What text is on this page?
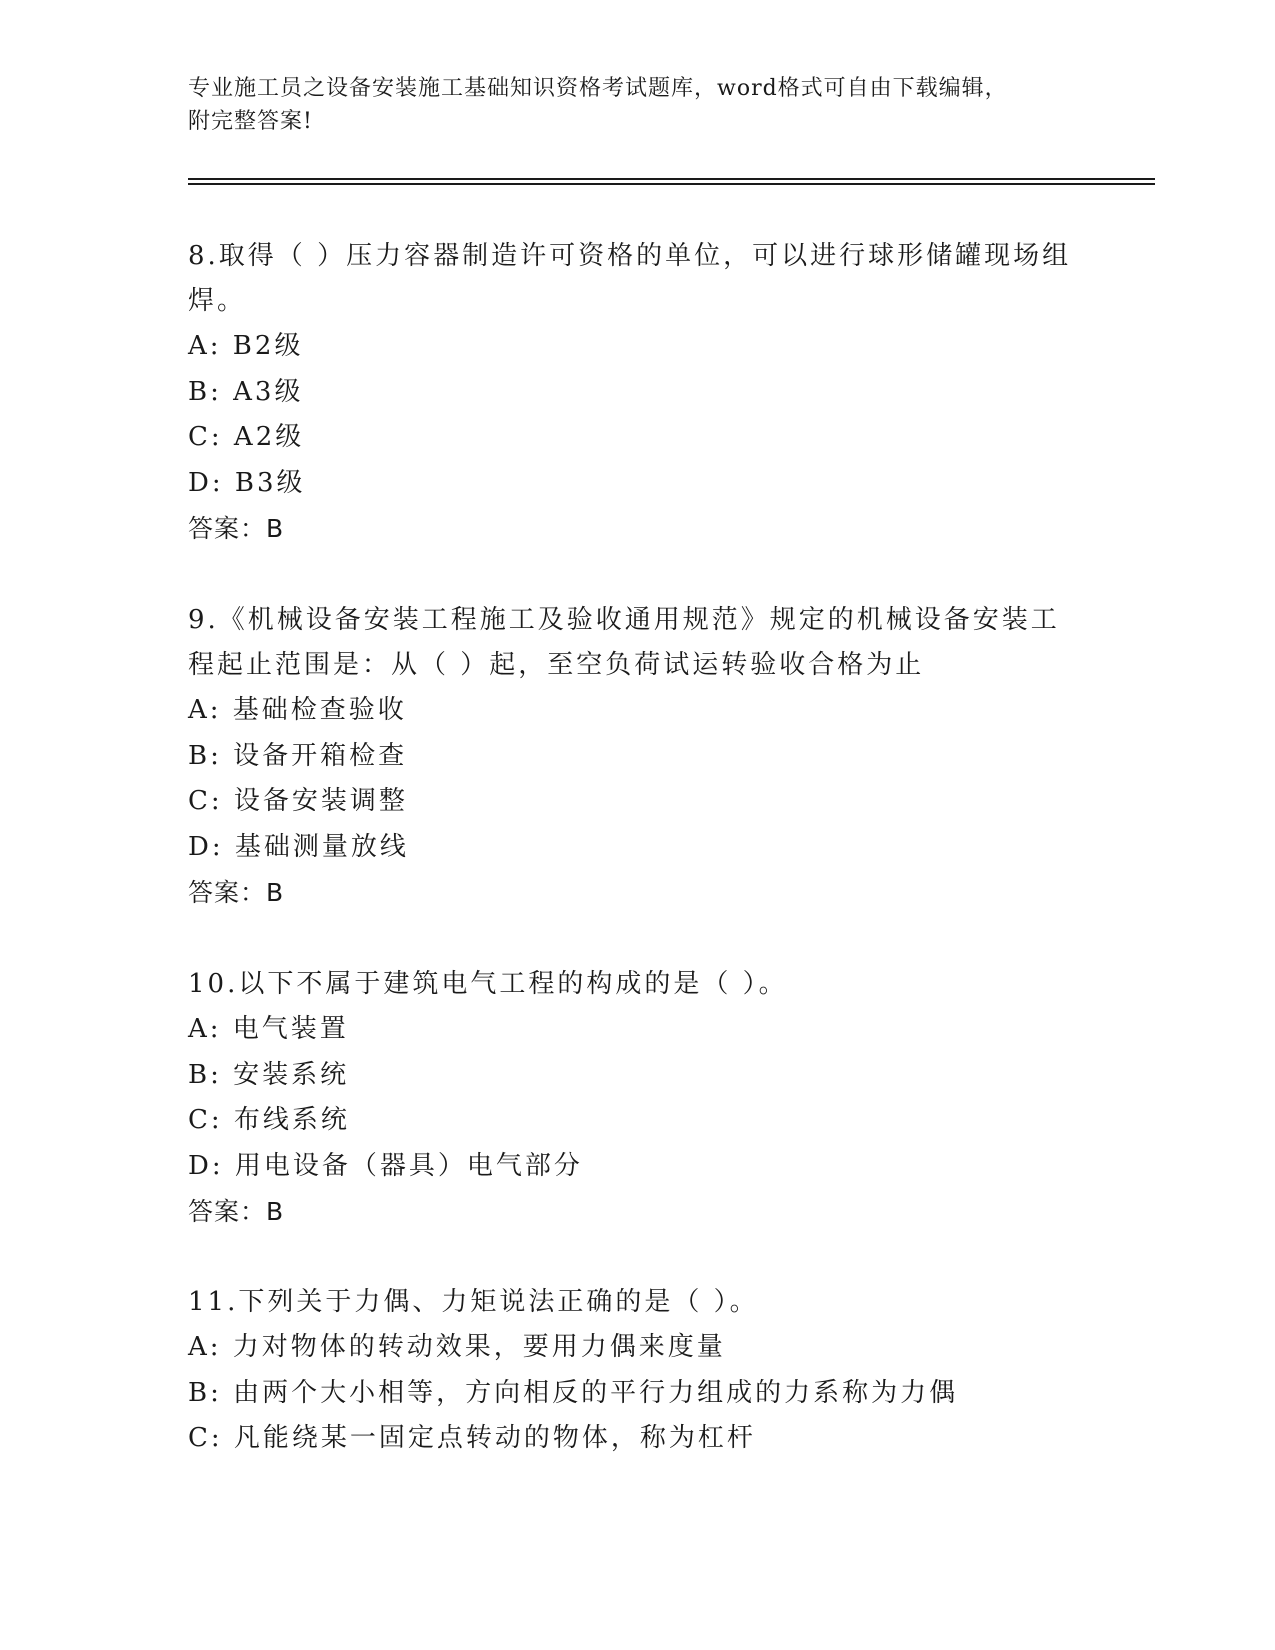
专业施工员之设备安装施工基础知识资格考试题库，word格式可自由下载编辑，
附完整答案!
8.取得（ ）压力容器制造许可资格的单位，可以进行球形储罐现场组
焊。
A: B2级
B: A3级
C: A2级
D: B3级
答案：B
9.《机械设备安装工程施工及验收通用规范》规定的机械设备安装工
程起止范围是：从（ ）起，至空负荷试运转验收合格为止
A: 基础检查验收
B: 设备开箱检查
C: 设备安装调整
D: 基础测量放线
答案：B
10.以下不属于建筑电气工程的构成的是（ ）。
A: 电气装置
B: 安装系统
C: 布线系统
D: 用电设备（器具）电气部分
答案：B
11.下列关于力偶、力矩说法正确的是（ ）。
A: 力对物体的转动效果，要用力偶来度量
B: 由两个大小相等，方向相反的平行力组成的力系称为力偶
C: 凡能绕某一固定点转动的物体，称为杠杆
